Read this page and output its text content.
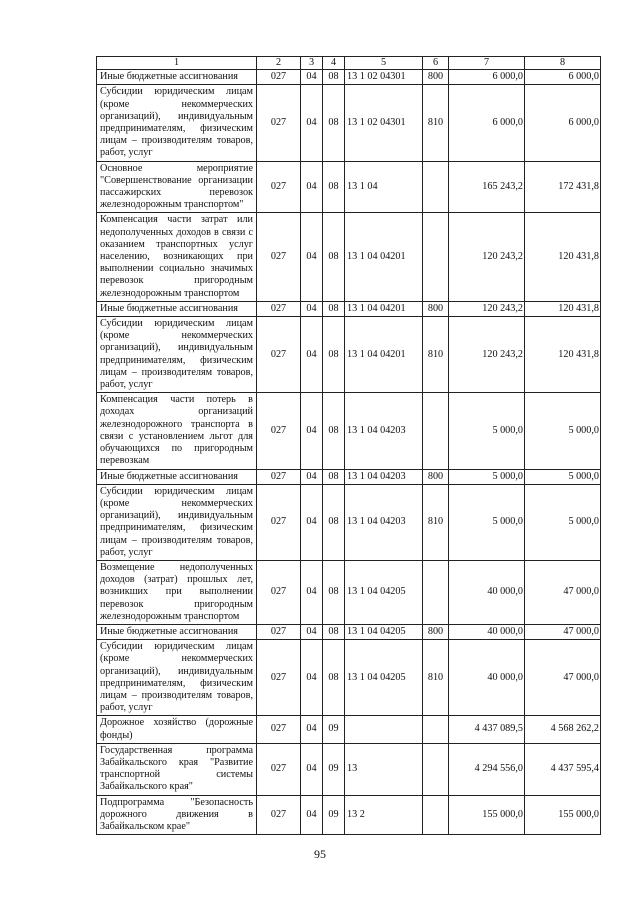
1	2	3	4	5	6	7	8
Иные бюджетные ассигнования	027	04	08	13 1 02 04301	800	6 000,0	6 000,0
Субсидии юридическим лицам (кроме некоммерческих организаций), индивидуальным предпринимателям, физическим лицам – производителям товаров, работ, услуг	027	04	08	13 1 02 04301	810	6 000,0	6 000,0
Основное мероприятие "Совершенствование организации пассажирских перевозок железнодорожным транспортом"	027	04	08	13 1 04		165 243,2	172 431,8
Компенсация части затрат или недополученных доходов в связи с оказанием транспортных услуг населению, возникающих при выполнении социально значимых перевозок пригородным железнодорожным транспортом	027	04	08	13 1 04 04201		120 243,2	120 431,8
Иные бюджетные ассигнования	027	04	08	13 1 04 04201	800	120 243,2	120 431,8
Субсидии юридическим лицам (кроме некоммерческих организаций), индивидуальным предпринимателям, физическим лицам – производителям товаров, работ, услуг	027	04	08	13 1 04 04201	810	120 243,2	120 431,8
Компенсация части потерь в доходах организаций железнодорожного транспорта в связи с установлением льгот для обучающихся по пригородным перевозкам	027	04	08	13 1 04 04203		5 000,0	5 000,0
Иные бюджетные ассигнования	027	04	08	13 1 04 04203	800	5 000,0	5 000,0
Субсидии юридическим лицам (кроме некоммерческих организаций), индивидуальным предпринимателям, физическим лицам – производителям товаров, работ, услуг	027	04	08	13 1 04 04203	810	5 000,0	5 000,0
Возмещение недополученных доходов (затрат) прошлых лет, возникших при выполнении перевозок пригородным железнодорожным транспортом	027	04	08	13 1 04 04205		40 000,0	47 000,0
Иные бюджетные ассигнования	027	04	08	13 1 04 04205	800	40 000,0	47 000,0
Субсидии юридическим лицам (кроме некоммерческих организаций), индивидуальным предпринимателям, физическим лицам – производителям товаров, работ, услуг	027	04	08	13 1 04 04205	810	40 000,0	47 000,0
Дорожное хозяйство (дорожные фонды)	027	04	09			4 437 089,5	4 568 262,2
Государственная программа Забайкальского края "Развитие транспортной системы Забайкальского края"	027	04	09	13		4 294 556,0	4 437 595,4
Подпрограмма "Безопасность дорожного движения в Забайкальском крае"	027	04	09	13 2		155 000,0	155 000,0
95
